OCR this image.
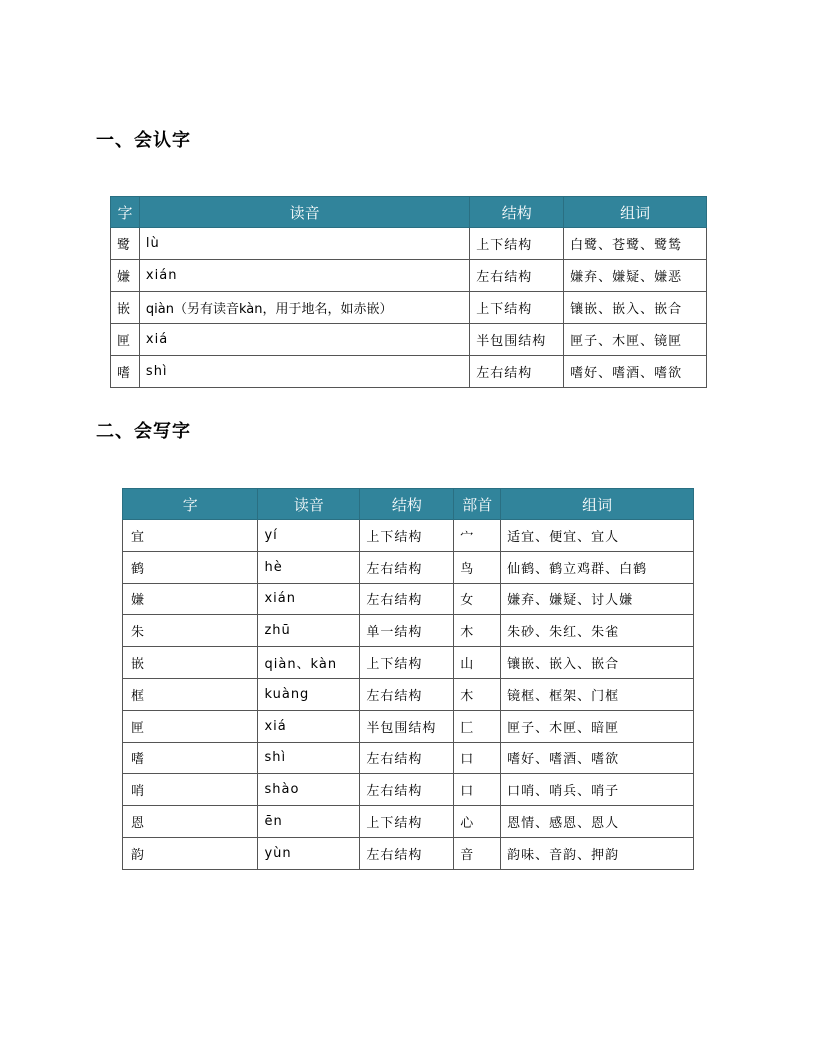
一、会认字
字	读音	结构	组词
鹭	lù	上下结构	白鹭、苍鹭、鹭鸶
嫌	xián	左右结构	嫌弃、嫌疑、嫌恶
嵌	qiàn（另有读音kàn，用于地名，如赤嵌）	上下结构	镶嵌、嵌入、嵌合
匣	xiá	半包围结构	匣子、木匣、镜匣
嗜	shì	左右结构	嗜好、嗜酒、嗜欲
二、会写字
字	读音	结构	部首	组词
宜	yí	上下结构	宀	适宜、便宜、宜人
鹤	hè	左右结构	鸟	仙鹤、鹤立鸡群、白鹤
嫌	xián	左右结构	女	嫌弃、嫌疑、讨人嫌
朱	zhū	单一结构	木	朱砂、朱红、朱雀
嵌	qiàn、kàn	上下结构	山	镶嵌、嵌入、嵌合
框	kuàng	左右结构	木	镜框、框架、门框
匣	xiá	半包围结构	匚	匣子、木匣、暗匣
嗜	shì	左右结构	口	嗜好、嗜酒、嗜欲
哨	shào	左右结构	口	口哨、哨兵、哨子
恩	ēn	上下结构	心	恩情、感恩、恩人
韵	yùn	左右结构	音	韵味、音韵、押韵
